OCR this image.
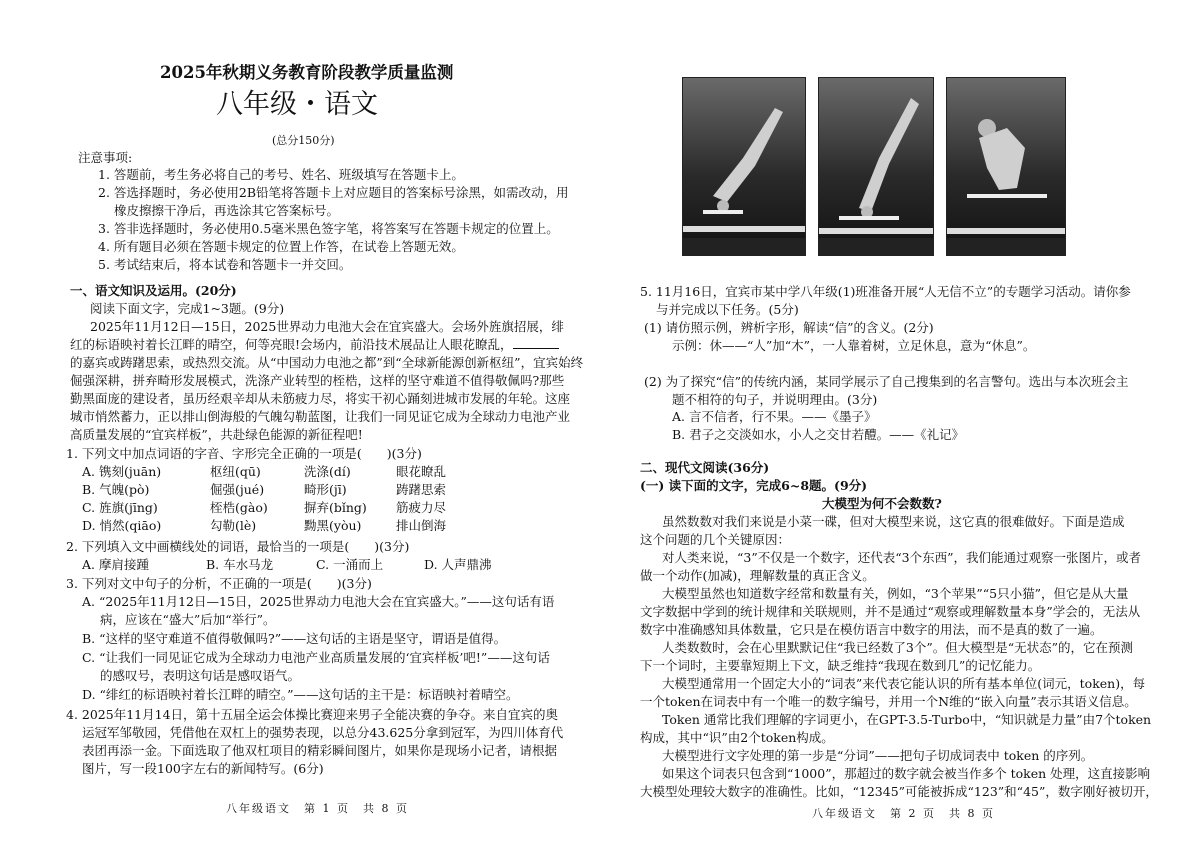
2025年秋期义务教育阶段教学质量监测
八年级・语文
(总分150分)
注意事项:
1. 答题前，考生务必将自己的考号、姓名、班级填写在答题卡上。
2. 答选择题时，务必使用2B铅笔将答题卡上对应题目的答案标号涂黑，如需改动，用
橡皮擦擦干净后，再选涂其它答案标号。
3. 答非选择题时，务必使用0.5毫米黑色签字笔，将答案写在答题卡规定的位置上。
4. 所有题目必须在答题卡规定的位置上作答，在试卷上答题无效。
5. 考试结束后，将本试卷和答题卡一并交回。
一、语文知识及运用。(20分)
阅读下面文字，完成1~3题。(9分)
2025年11月12日—15日，2025世界动力电池大会在宜宾盛大。会场外旌旗招展，绯
红的标语映衬着长江畔的晴空，何等亮眼!会场内，前沿技术展品让人眼花瞭乱，
的嘉宾或踌躇思索，或热烈交流。从“中国动力电池之都”到“全球新能源创新枢纽”，宜宾始终
倔强深耕，拼弃畸形发展模式，洗涤产业转型的桎梏，这样的坚守难道不值得敬佩吗?那些
勤黑面庞的建设者，虽历经艰辛却从未筋疲力尽，将实干初心踊刻进城市发展的年轮。这座
城市悄然蓄力，正以排山倒海般的气魄勾勒蓝图，让我们一同见证它成为全球动力电池产业
高质量发展的“宜宾样板”，共赴绿色能源的新征程吧!
1. 下列文中加点词语的字音、字形完全正确的一项是(　　)(3分)
A. 镌刻(juān)	枢纽(qū)	洗涤(dí)	眼花瞭乱
B. 气魄(pò)	倔强(jué)	畸形(jī)	踌躇思索
C. 旌旗(jīng)	桎梏(gào)	摒弃(bǐng) 筋疲力尽
D. 悄然(qiāo)	勾勒(lè)	黝黑(yòu)	排山倒海
2. 下列填入文中画横线处的词语，最恰当的一项是(　　)(3分)
A. 摩肩接踵	B. 车水马龙	C. 一涌而上	D. 人声鼎沸
3. 下列对文中句子的分析，不正确的一项是(　　)(3分)
A. “2025年11月12日—15日，2025世界动力电池大会在宜宾盛大。”——这句话有语
病，应该在“盛大”后加“举行”。
B. “这样的坚守难道不值得敬佩吗?”——这句话的主语是坚守，谓语是值得。
C. “让我们一同见证它成为全球动力电池产业高质量发展的‘宜宾样板’吧!”——这句话
的感叹号，表明这句话是感叹语气。
D. “绯红的标语映衬着长江畔的晴空。”——这句话的主干是：标语映衬着晴空。
4. 2025年11月14日，第十五届全运会体操比赛迎来男子全能决赛的争夺。来自宜宾的奥
运冠军邹敬园，凭借他在双杠上的强势表现，以总分43.625分拿到冠军，为四川体育代
表团再添一金。下面选取了他双杠项目的精彩瞬间图片，如果你是现场小记者，请根据
图片，写一段100字左右的新闻特写。(6分)
八年级语文　第 1 页　共 8 页
5. 11月16日，宜宾市某中学八年级(1)班准备开展“人无信不立”的专题学习活动。请你参
与并完成以下任务。(5分)
(1) 请仿照示例，辨析字形，解读“信”的含义。(2分)
示例：休——“人”加“木”，一人靠着树，立足休息，意为“休息”。
(2) 为了探究“信”的传统内涵，某同学展示了自己搜集到的名言警句。选出与本次班会主
题不相符的句子，并说明理由。(3分)
A. 言不信者，行不果。——《墨子》
B. 君子之交淡如水，小人之交甘若醴。——《礼记》
二、现代文阅读(36分)
(一) 读下面的文字，完成6~8题。(9分)
大模型为何不会数数?
虽然数数对我们来说是小菜一碟，但对大模型来说，这它真的很难做好。下面是造成
这个问题的几个关键原因：
对人类来说，“3”不仅是一个数字，还代表“3个东西”，我们能通过观察一张图片，或者
做一个动作(加减)，理解数量的真正含义。
大模型虽然也知道数字经常和数量有关，例如，“3个苹果”“5只小猫”，但它是从大量
文字数据中学到的统计规律和关联规则，并不是通过“观察或理解数量本身”学会的，无法从
数字中准确感知具体数量，它只是在模仿语言中数字的用法，而不是真的数了一遍。
人类数数时，会在心里默默记住“我已经数了3个”。但大模型是“无状态”的，它在预测
下一个词时，主要靠短期上下文，缺乏维持“我现在数到几”的记忆能力。
大模型通常用一个固定大小的“词表”来代表它能认识的所有基本单位(词元，token)，每
一个token在词表中有一个唯一的数字编号，并用一个N维的“嵌入向量”表示其语义信息。
Token 通常比我们理解的字词更小，在GPT-3.5-Turbo中，“知识就是力量”由7个token
构成，其中“识”由2个token构成。
大模型进行文字处理的第一步是“分词”——把句子切成词表中 token 的序列。
如果这个词表只包含到“1000”，那超过的数字就会被当作多个 token 处理，这直接影响
大模型处理较大数字的准确性。比如，“12345”可能被拆成“123”和“45”，数字刚好被切开，
八年级语文　第 2 页　共 8 页
